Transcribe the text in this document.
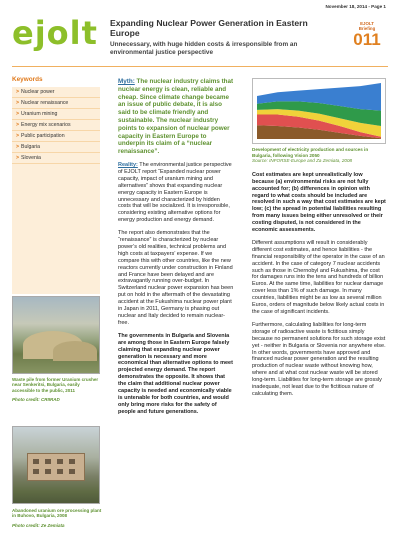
November 18, 2014 - Page 1
ejolt Expanding Nuclear Power Generation in Eastern Europe
Unnecessary, with huge hidden costs & irresponsible from an environmental justice perspective
EJOLT
Briefing
011
Keywords
> Nuclear power
> Nuclear renaissance
> Uranium mining
> Energy mix scenarios
> Public participation
> Bulgaria
> Slovenia
Waste pile from former Uranium crusher near Senkeritsi, Bulgaria, easily accessible to the public, 2011
Photo credit: CRIIRAD
Abandoned uranium ore processing plant in Buhovo, Bulgaria, 2008
Photo credit: Ze Zemiata

Myth: The nuclear industry claims that nuclear energy is clean, reliable and cheap. Since climate change became an issue of public debate, it is also said to be climate friendly and sustainable. The nuclear industry points to expansion of nuclear power capacity in Eastern Europe to underpin its claim of a “nuclear renaissance”.

Reality: The environmental justice perspective of EJOLT report “Expanded nuclear power capacity, impact of uranium mining and alternatives” shows that expanding nuclear energy capacity in Eastern Europe is unnecessary and characterized by hidden costs that will be socialized. It is irresponsible, considering existing alternative options for energy production and energy demand.

The report also demonstrates that the “renaissance” is characterized by nuclear power’s old realities, technical problems and high costs at taxpayers’ expense. If we compare this with other countries, like the new reactors currently under construction in Finland and France have been delayed and are extravagantly running over-budget. In Switzerland nuclear power expansion has been put on hold in the aftermath of the devastating accident at the Fukushima nuclear power plant in Japan in 2011, Germany is phasing out nuclear and Italy decided to remain nuclear-free.

The governments in Bulgaria and Slovenia are among those in Eastern Europe falsely claiming that expanding nuclear power generation is necessary and more economical than alternative options to meet projected energy demand. The report demonstrates the opposite. It shows that the claim that additional nuclear power capacity is needed and economically viable is untenable for both countries, and would only bring more risks for the safety of people and future generations.

Development of electricity production and sources in Bulgaria, following Vision 2050
Source: INFORSE-Europe and Za Zemiata, 2008

Cost estimates are kept unrealistically low because (a) environmental risks are not fully accounted for; (b) differences in opinion with regard to what costs should be included are resolved in such a way that cost estimates are kept low; (c) the spread in potential liabilities resulting from many issues being either unresolved or their costing disputed, is not considered in the economic assessments.

Different assumptions will result in considerably different cost estimates, and hence liabilities - the financial responsibility of the operator in the case of an accident. In the case of category 7 nuclear accidents such as those in Chernobyl and Fukushima, the cost for damages runs into the tens and hundreds of billion Euros. At the same time, liabilities for nuclear damage cover less than 1% of such damage. In many countries, liabilities might be as low as several million Euros, orders of magnitude below likely actual costs in the case of significant incidents.

Furthermore, calculating liabilities for long-term storage of radioactive waste is fictitious simply because no permanent solutions for such storage exist yet - neither in Bulgaria or Slovenia nor anywhere else. In other words, governments have approved and financed nuclear power generation and the resulting production of nuclear waste without knowing how, where and at what cost nuclear waste will be stored long-term. Liabilities for long-term storage are grossly inadequate, not least due to the fictitious nature of calculating them.
